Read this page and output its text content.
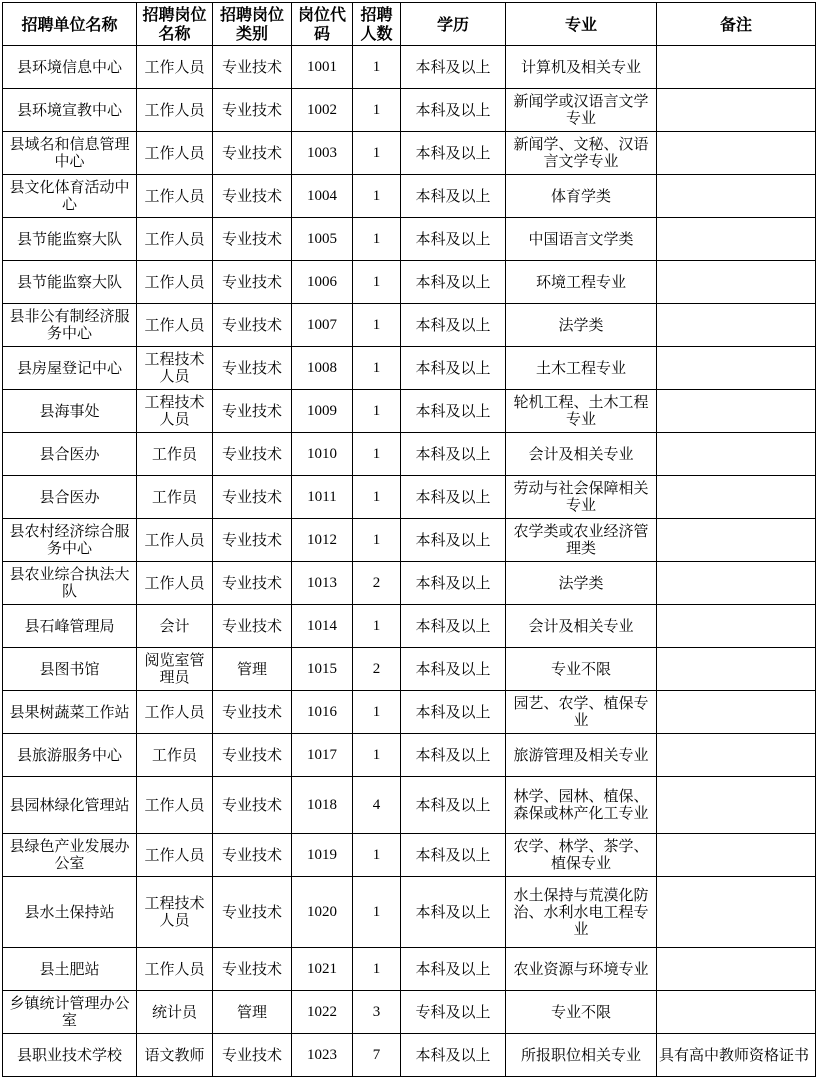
招聘单位名称	招聘岗位名称	招聘岗位类别	岗位代码	招聘人数	学历	专业	备注
县环境信息中心	工作人员	专业技术	1001	1	本科及以上	计算机及相关专业	
县环境宣教中心	工作人员	专业技术	1002	1	本科及以上	新闻学或汉语言文学专业	
县域名和信息管理中心	工作人员	专业技术	1003	1	本科及以上	新闻学、文秘、汉语言文学专业	
县文化体育活动中心	工作人员	专业技术	1004	1	本科及以上	体育学类	
县节能监察大队	工作人员	专业技术	1005	1	本科及以上	中国语言文学类	
县节能监察大队	工作人员	专业技术	1006	1	本科及以上	环境工程专业	
县非公有制经济服务中心	工作人员	专业技术	1007	1	本科及以上	法学类	
县房屋登记中心	工程技术人员	专业技术	1008	1	本科及以上	土木工程专业	
县海事处	工程技术人员	专业技术	1009	1	本科及以上	轮机工程、土木工程专业	
县合医办	工作员	专业技术	1010	1	本科及以上	会计及相关专业	
县合医办	工作员	专业技术	1011	1	本科及以上	劳动与社会保障相关专业	
县农村经济综合服务中心	工作人员	专业技术	1012	1	本科及以上	农学类或农业经济管理类	
县农业综合执法大队	工作人员	专业技术	1013	2	本科及以上	法学类	
县石峰管理局	会计	专业技术	1014	1	本科及以上	会计及相关专业	
县图书馆	阅览室管理员	管理	1015	2	本科及以上	专业不限	
县果树蔬菜工作站	工作人员	专业技术	1016	1	本科及以上	园艺、农学、植保专业	
县旅游服务中心	工作员	专业技术	1017	1	本科及以上	旅游管理及相关专业	
县园林绿化管理站	工作人员	专业技术	1018	4	本科及以上	林学、园林、植保、森保或林产化工专业	
县绿色产业发展办公室	工作人员	专业技术	1019	1	本科及以上	农学、林学、茶学、植保专业	
县水土保持站	工程技术人员	专业技术	1020	1	本科及以上	水土保持与荒漠化防治、水利水电工程专业	
县土肥站	工作人员	专业技术	1021	1	本科及以上	农业资源与环境专业	
乡镇统计管理办公室	统计员	管理	1022	3	专科及以上	专业不限	
县职业技术学校	语文教师	专业技术	1023	7	本科及以上	所报职位相关专业	具有高中教师资格证书
